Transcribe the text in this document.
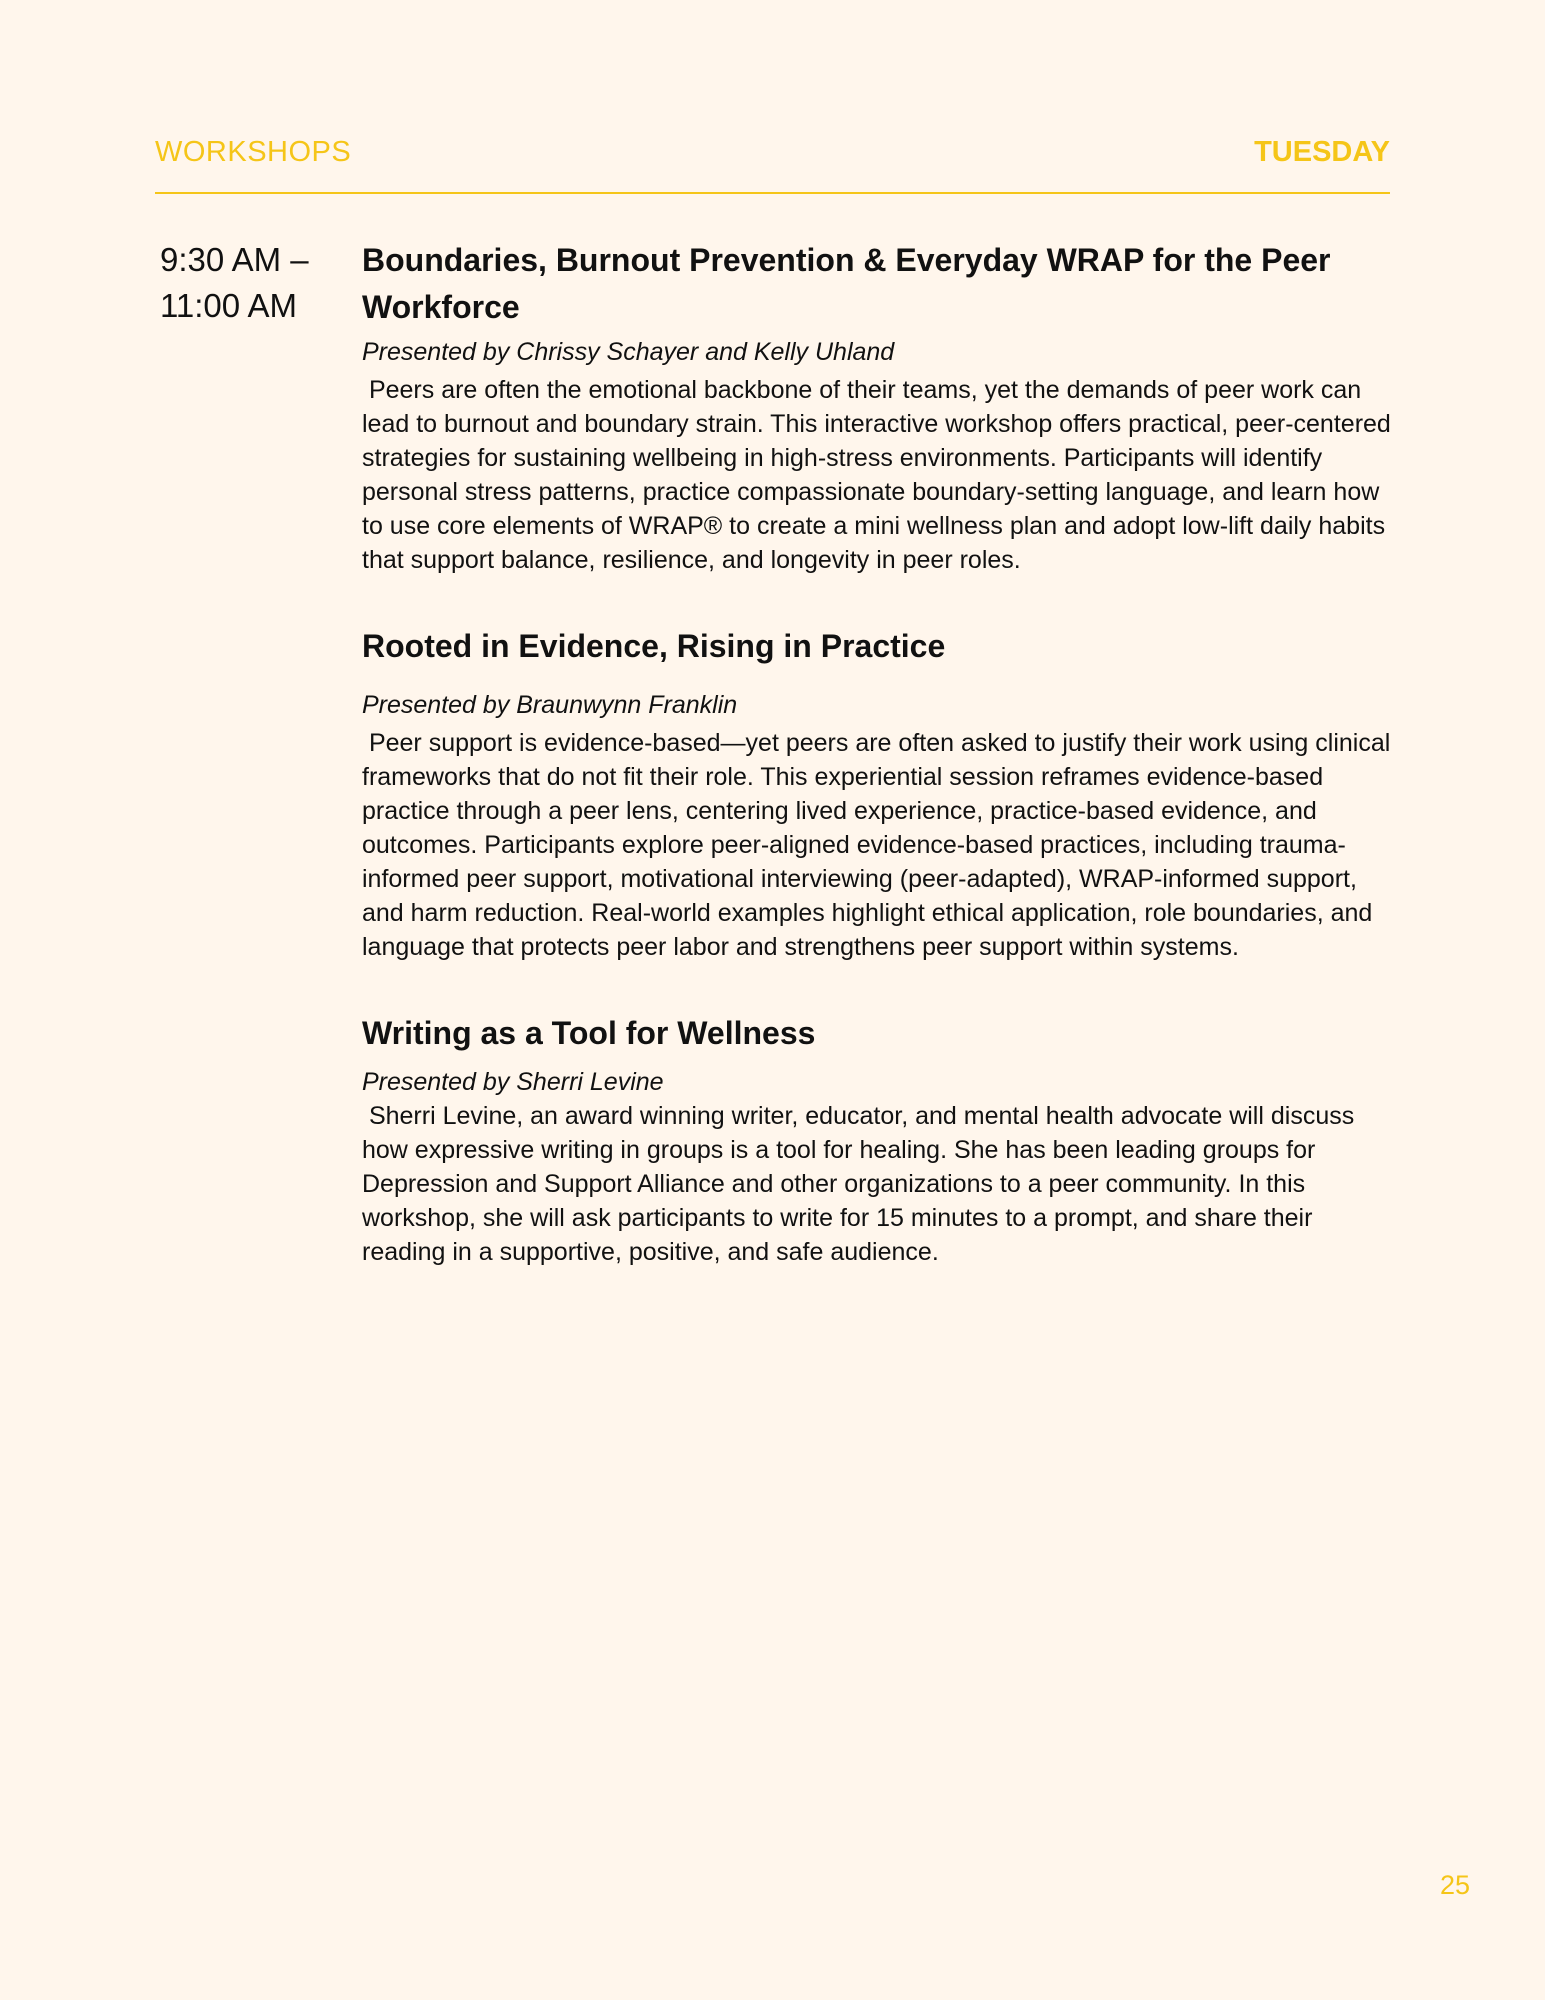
WORKSHOPS	TUESDAY
9:30 AM –
11:00 AM
Boundaries, Burnout Prevention & Everyday WRAP for the Peer Workforce
Presented by Chrissy Schayer and Kelly Uhland
Peers are often the emotional backbone of their teams, yet the demands of peer work can lead to burnout and boundary strain. This interactive workshop offers practical, peer-centered strategies for sustaining wellbeing in high-stress environments. Participants will identify personal stress patterns, practice compassionate boundary-setting language, and learn how to use core elements of WRAP® to create a mini wellness plan and adopt low-lift daily habits that support balance, resilience, and longevity in peer roles.
Rooted in Evidence, Rising in Practice
Presented by Braunwynn Franklin
Peer support is evidence-based—yet peers are often asked to justify their work using clinical frameworks that do not fit their role. This experiential session reframes evidence-based practice through a peer lens, centering lived experience, practice-based evidence, and outcomes. Participants explore peer-aligned evidence-based practices, including trauma-informed peer support, motivational interviewing (peer-adapted), WRAP-informed support, and harm reduction. Real-world examples highlight ethical application, role boundaries, and language that protects peer labor and strengthens peer support within systems.
Writing as a Tool for Wellness
Presented by Sherri Levine
Sherri Levine, an award winning writer, educator, and mental health advocate will discuss how expressive writing in groups is a tool for healing. She has been leading groups for Depression and Support Alliance and other organizations to a peer community. In this workshop, she will ask participants to write for 15 minutes to a prompt, and share their reading in a supportive, positive, and safe audience.
25
